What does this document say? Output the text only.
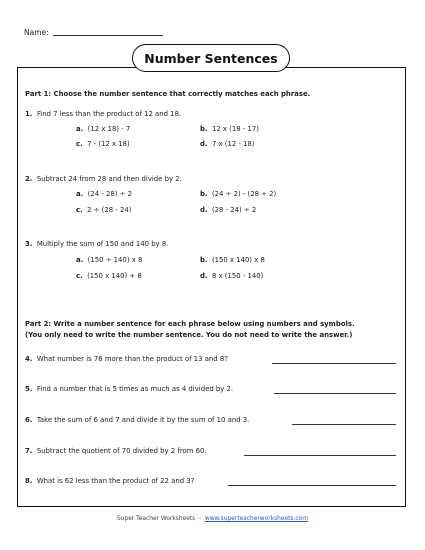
Name:
Number Sentences
Part 1: Choose the number sentence that correctly matches each phrase.
1. Find 7 less than the product of 12 and 18.
a. (12 x 18) - 7	b. 12 x (18 - 17)
c. 7 - (12 x 18)	d. 7 x (12 - 18)
2. Subtract 24 from 28 and then divide by 2.
a. (24 - 28) ÷ 2	b. (24 ÷ 2) - (28 ÷ 2)
c. 2 ÷ (28 - 24)	d. (28 - 24) ÷ 2
3. Multiply the sum of 150 and 140 by 8.
a. (150 ÷ 140) x 8	b. (150 x 140) x 8
c. (150 x 140) + 8	d. 8 x (150 - 140)
Part 2: Write a number sentence for each phrase below using numbers and symbols.
(You only need to write the number sentence. You do not need to write the answer.)
4. What number is 76 more than the product of 13 and 8?
5. Find a number that is 5 times as much as 4 divided by 2.
6. Take the sum of 6 and 7 and divide it by the sum of 10 and 3.
7. Subtract the quotient of 70 divided by 2 from 60.
8. What is 62 less than the product of 22 and 3?
Super Teacher Worksheets - www.superteacherworksheets.com
